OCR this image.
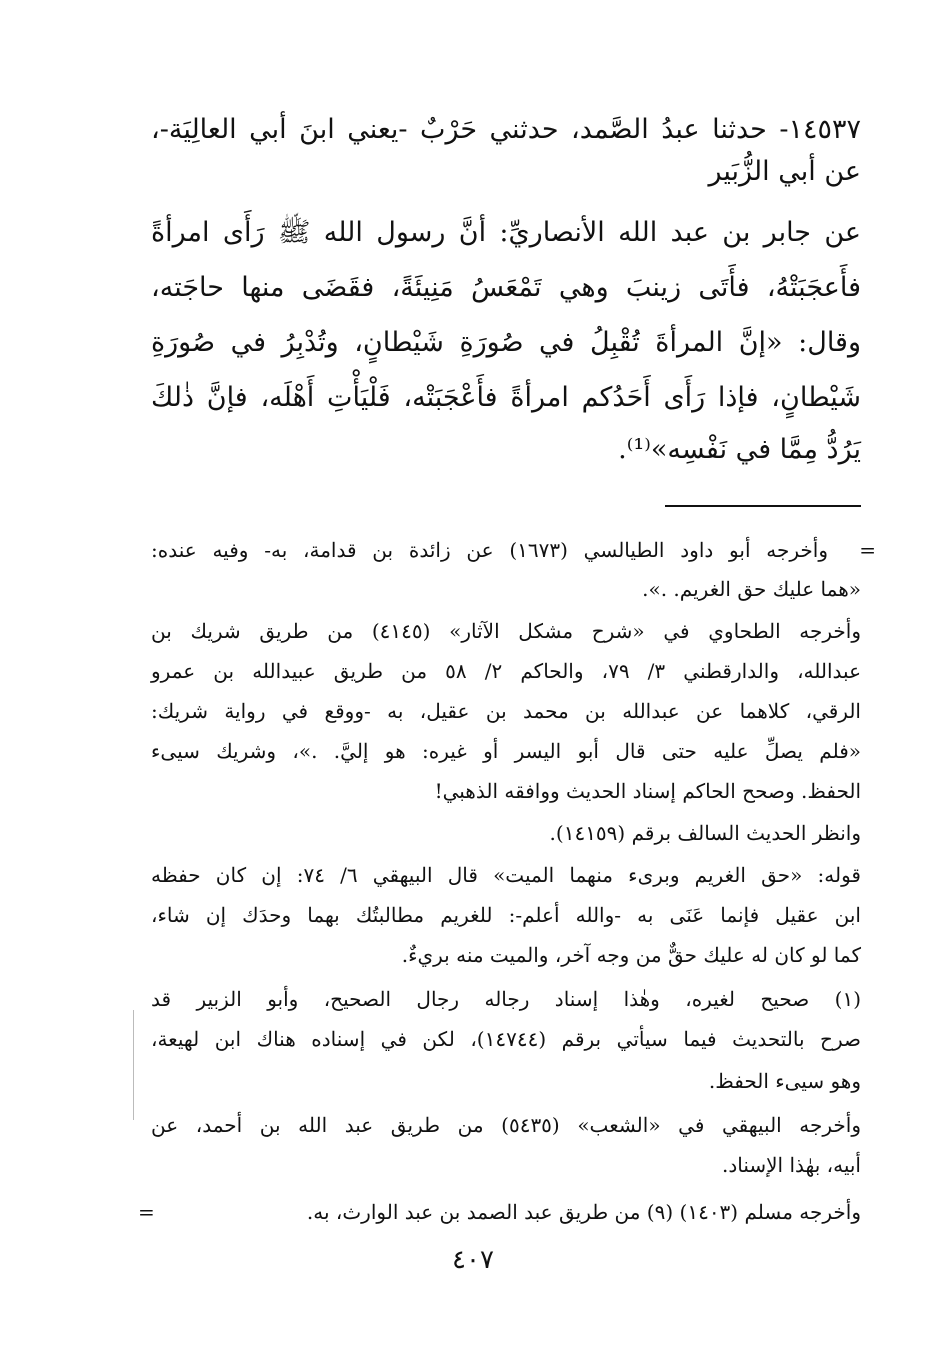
١٤٥٣٧- حدثنا عبدُ الصَّمد، حدثني حَرْبٌ -يعني ابنَ أبي العالِيَة-،
عن أبي الزُّبَير
عن جابر بن عبد الله الأنصاريِّ: أنَّ رسول الله ﷺ رَأَى امرأةً
فأَعجَبَتْهُ، فأَتَى زينبَ وهي تَمْعَسُ مَنِيئَةً، فقَضَى منها حاجَته،
وقال: «إنَّ المرأةَ تُقْبِلُ في صُورَةِ شَيْطانٍ، وتُدْبِرُ في صُورَةِ
شَيْطانٍ، فإذا رَأَى أَحَدُكم امرأةً فأَعْجَبَتْه، فَلْيَأْتِ أَهْلَه، فإنَّ ذٰلكَ
يَرُدُّ مِمَّا في نَفْسِه»⁽¹⁾.
=
=
وأخرجه أبو داود الطيالسي (١٦٧٣) عن زائدة بن قدامة، به- وفيه عنده:
«هما عليك حق الغريم. .».
وأخرجه الطحاوي في «شرح مشكل الآثار» (٤١٤٥) من طريق شريك بن
عبدالله، والدارقطني ٣/ ٧٩، والحاكم ٢/ ٥٨ من طريق عبيدالله بن عمرو
الرقي، كلاهما عن عبدالله بن محمد بن عقيل، به -ووقع في رواية شريك:
«فلم يصلِّ عليه حتى قال أبو اليسر أو غيره: هو إليَّ. .»، وشريك سيىء
الحفظ. وصحح الحاكم إسناد الحديث ووافقه الذهبي!
وانظر الحديث السالف برقم (١٤١٥٩).
قوله: «حق الغريم وبرىء منهما الميت» قال البيهقي ٦/ ٧٤: إن كان حفظه
ابن عقيل فإنما عَنَى به -والله أعلم-: للغريم مطالبتُك بهما وحدَك إن شاء،
كما لو كان له عليك حقٌّ من وجه آخر، والميت منه بريءٌ.
(١) صحيح لغيره، وهٰذا إسناد رجاله رجال الصحيح، وأبو الزبير قد
صرح بالتحديث فيما سيأتي برقم (١٤٧٤٤)، لكن في إسناده هناك ابن لهيعة،
وهو سيىء الحفظ.
وأخرجه البيهقي في «الشعب» (٥٤٣٥) من طريق عبد الله بن أحمد، عن
أبيه، بهٰذا الإسناد.
وأخرجه مسلم (١٤٠٣) (٩) من طريق عبد الصمد بن عبد الوارث، به.
٤٠٧
